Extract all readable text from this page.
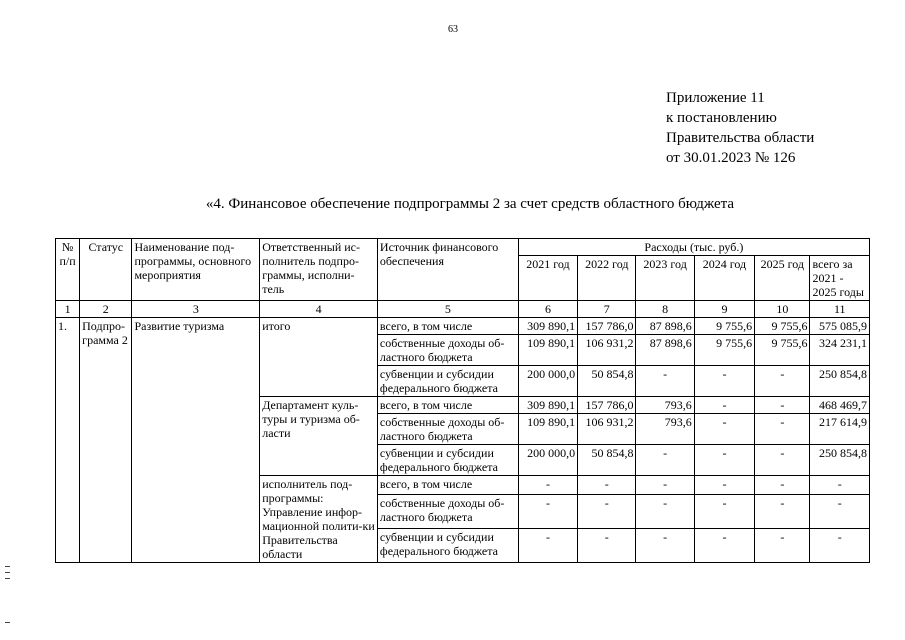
63
Приложение 11
к постановлению
Правительства области
от 30.01.2023 № 126
«4. Финансовое обеспечение подпрограммы 2 за счет средств областного бюджета
№ п/п	Статус	Наименование под-программы, основного мероприятия	Ответственный ис-полнитель подпро-граммы, исполни-тель	Источник финансового обеспечения	Расходы (тыс. руб.)					
					2021 год	2022 год	2023 год	2024 год	2025 год	всего за 2021 - 2025 годы
1	2	3	4	5	6	7	8	9	10	11
1.	Подпро-грамма 2	Развитие туризма	итого	всего, в том числе	309 890,1	157 786,0	87 898,6	9 755,6	9 755,6	575 085,9
				собственные доходы об-ластного бюджета	109 890,1	106 931,2	87 898,6	9 755,6	9 755,6	324 231,1
				субвенции и субсидии федерального бюджета	200 000,0	50 854,8	-	-	-	250 854,8
			Департамент куль-туры и туризма об-ласти	всего, в том числе	309 890,1	157 786,0	793,6	-	-	468 469,7
				собственные доходы об-ластного бюджета	109 890,1	106 931,2	793,6	-	-	217 614,9
				субвенции и субсидии федерального бюджета	200 000,0	50 854,8	-	-	-	250 854,8
			исполнитель под-программы: Управление инфор-мационной полити-ки Правительства области	всего, в том числе	-	-	-	-	-	-
				собственные доходы об-ластного бюджета	-	-	-	-	-	-
				субвенции и субсидии федерального бюджета	-	-	-	-	-	-
